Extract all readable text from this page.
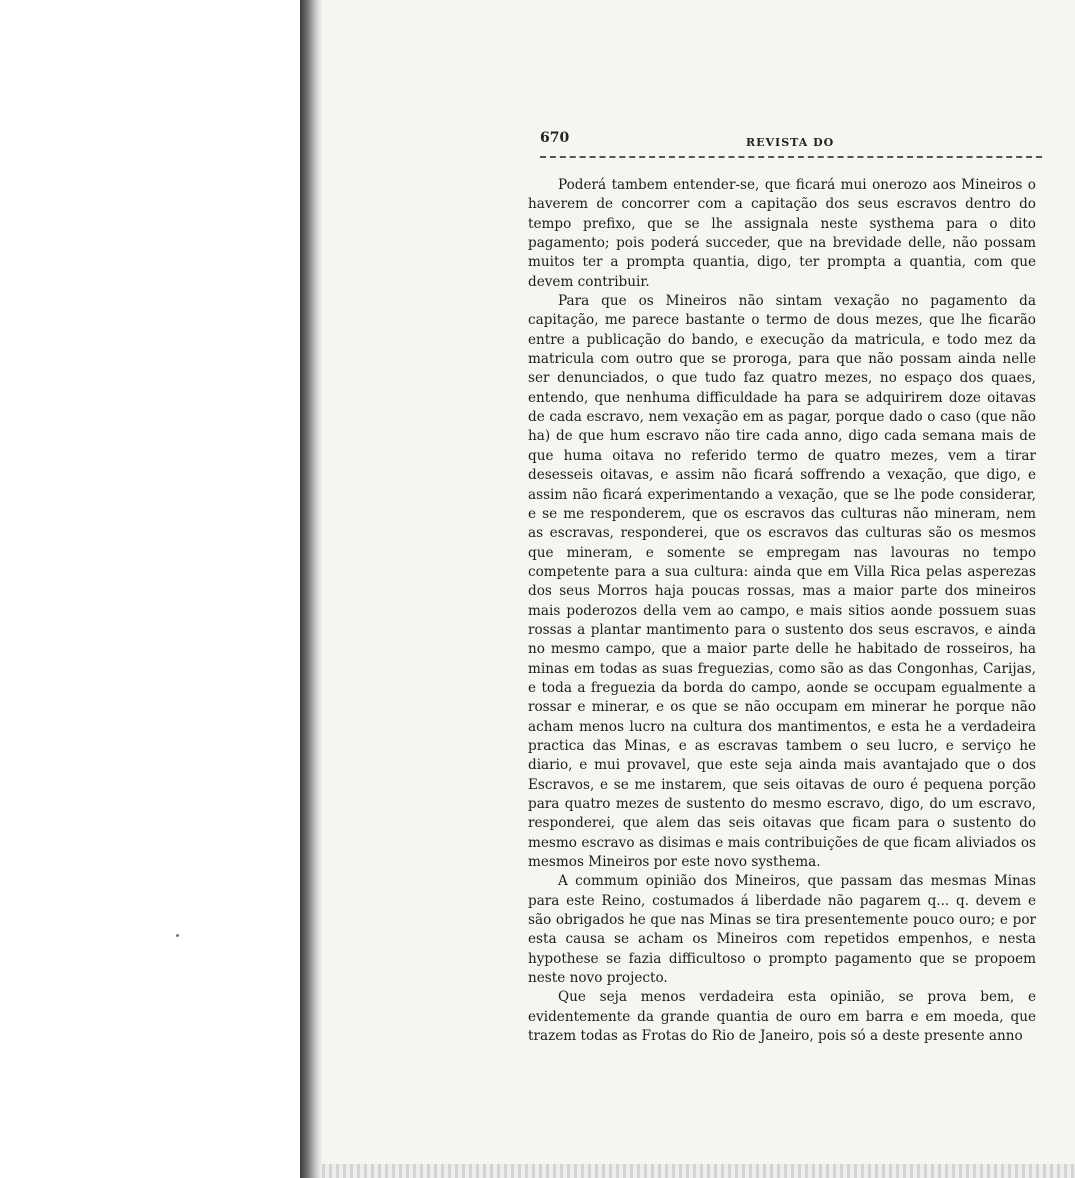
670	REVISTA DO

Poderá tambem entender-se, que ficará mui onerozo aos Mineiros o haverem de concorrer com a capitação dos seus escravos dentro do tempo prefixo, que se lhe assignala neste systhema para o dito pagamento; pois poderá succeder, que na brevidade delle, não possam muitos ter a prompta quantia, digo, ter prompta a quantia, com que devem contribuir.

Para que os Mineiros não sintam vexação no pagamento da capitação, me parece bastante o termo de dous mezes, que lhe ficarão entre a publicação do bando, e execução da matricula, e todo mez da matricula com outro que se proroga, para que não possam ainda nelle ser denunciados, o que tudo faz quatro mezes, no espaço dos quaes, entendo, que nenhuma difficuldade ha para se adquirirem doze oitavas de cada escravo, nem vexação em as pagar, porque dado o caso (que não ha) de que hum escravo não tire cada anno, digo cada semana mais de que huma oitava no referido termo de quatro mezes, vem a tirar desesseis oitavas, e assim não ficará soffrendo a vexação, que digo, e assim não ficará experimentando a vexação, que se lhe pode considerar, e se me responderem, que os escravos das culturas não mineram, nem as escravas, responderei, que os escravos das culturas são os mesmos que mineram, e somente se empregam nas lavouras no tempo competente para a sua cultura: ainda que em Villa Rica pelas asperezas dos seus Morros haja poucas rossas, mas a maior parte dos mineiros mais poderozos della vem ao campo, e mais sitios aonde possuem suas rossas a plantar mantimento para o sustento dos seus escravos, e ainda no mesmo campo, que a maior parte delle he habitado de rosseiros, ha minas em todas as suas freguezias, como são as das Congonhas, Carijas, e toda a freguezia da borda do campo, aonde se occupam egualmente a rossar e minerar, e os que se não occupam em minerar he porque não acham menos lucro na cultura dos mantimentos, e esta he a verdadeira practica das Minas, e as escravas tambem o seu lucro, e serviço he diario, e mui provavel, que este seja ainda mais avantajado que o dos Escravos, e se me instarem, que seis oitavas de ouro é pequena porção para quatro mezes de sustento do mesmo escravo, digo, do um escravo, responderei, que alem das seis oitavas que ficam para o sustento do mesmo escravo as disimas e mais contribuições de que ficam aliviados os mesmos Mineiros por este novo systhema.

A commum opinião dos Mineiros, que passam das mesmas Minas para este Reino, costumados á liberdade não pagarem q... q. devem e são obrigados he que nas Minas se tira presentemente pouco ouro; e por esta causa se acham os Mineiros com repetidos empenhos, e nesta hypothese se fazia difficultoso o prompto pagamento que se propoem neste novo projecto.

Que seja menos verdadeira esta opinião, se prova bem, e evidentemente da grande quantia de ouro em barra e em moeda, que trazem todas as Frotas do Rio de Janeiro, pois só a deste presente anno
